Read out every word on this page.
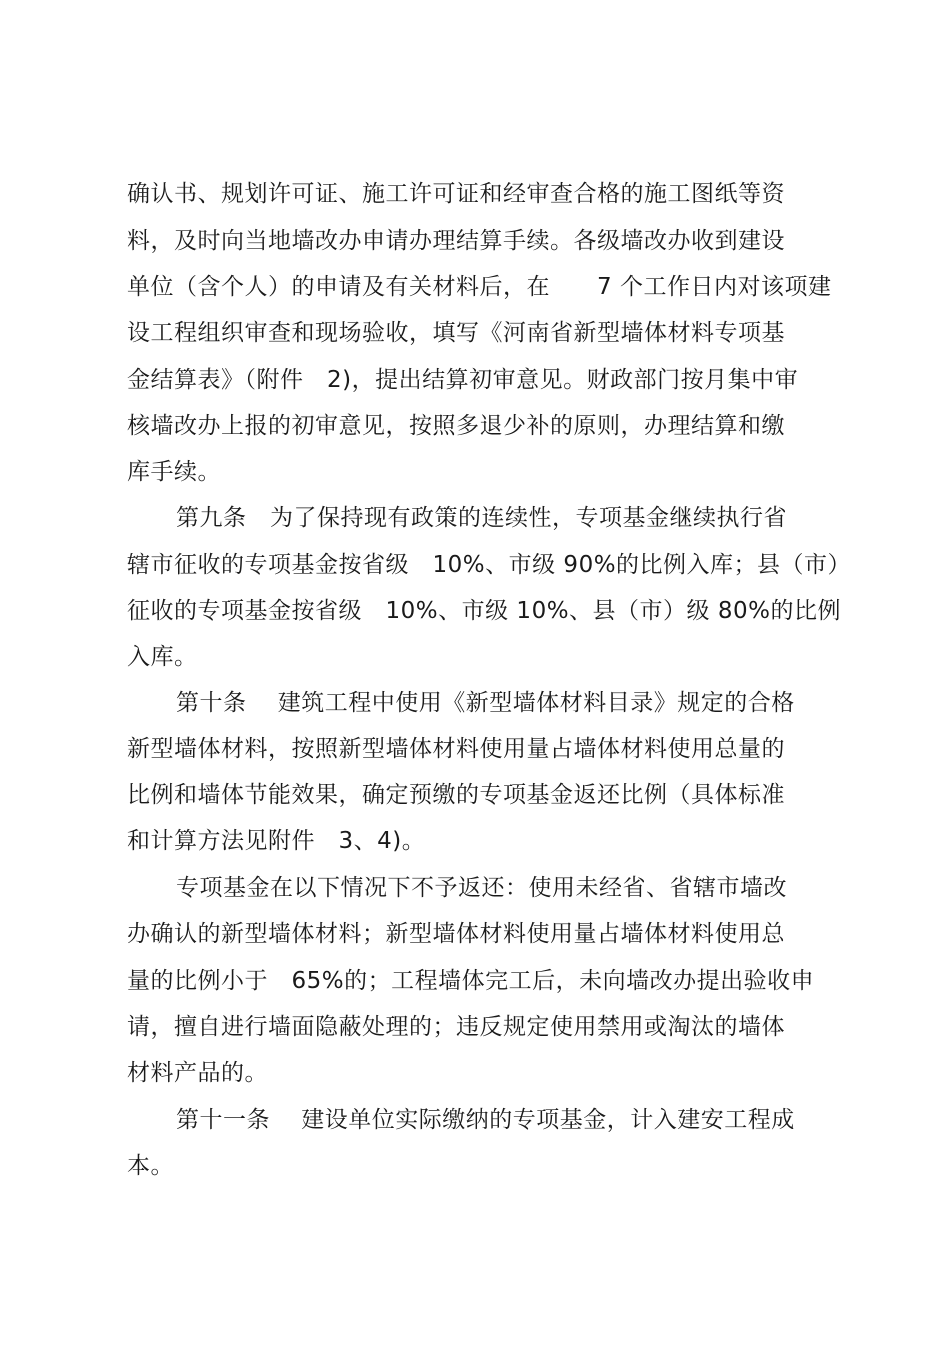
确认书、规划许可证、施工许可证和经审查合格的施工图纸等资
料，及时向当地墙改办申请办理结算手续。各级墙改办收到建设
单位（含个人）的申请及有关材料后，在　　7 个工作日内对该项建
设工程组织审查和现场验收，填写《河南省新型墙体材料专项基
金结算表》（附件　2)，提出结算初审意见。财政部门按月集中审
核墙改办上报的初审意见，按照多退少补的原则，办理结算和缴
库手续。
第九条　为了保持现有政策的连续性，专项基金继续执行省
辖市征收的专项基金按省级　10%、市级 90%的比例入库；县（市）
征收的专项基金按省级　10%、市级 10%、县（市）级 80%的比例
入库。
第十条　 建筑工程中使用《新型墙体材料目录》规定的合格
新型墙体材料，按照新型墙体材料使用量占墙体材料使用总量的
比例和墙体节能效果，确定预缴的专项基金返还比例（具体标准
和计算方法见附件　3、4)。
专项基金在以下情况下不予返还：使用未经省、省辖市墙改
办确认的新型墙体材料；新型墙体材料使用量占墙体材料使用总
量的比例小于　65%的；工程墙体完工后，未向墙改办提出验收申
请，擅自进行墙面隐蔽处理的；违反规定使用禁用或淘汰的墙体
材料产品的。
第十一条　 建设单位实际缴纳的专项基金，计入建安工程成
本。
